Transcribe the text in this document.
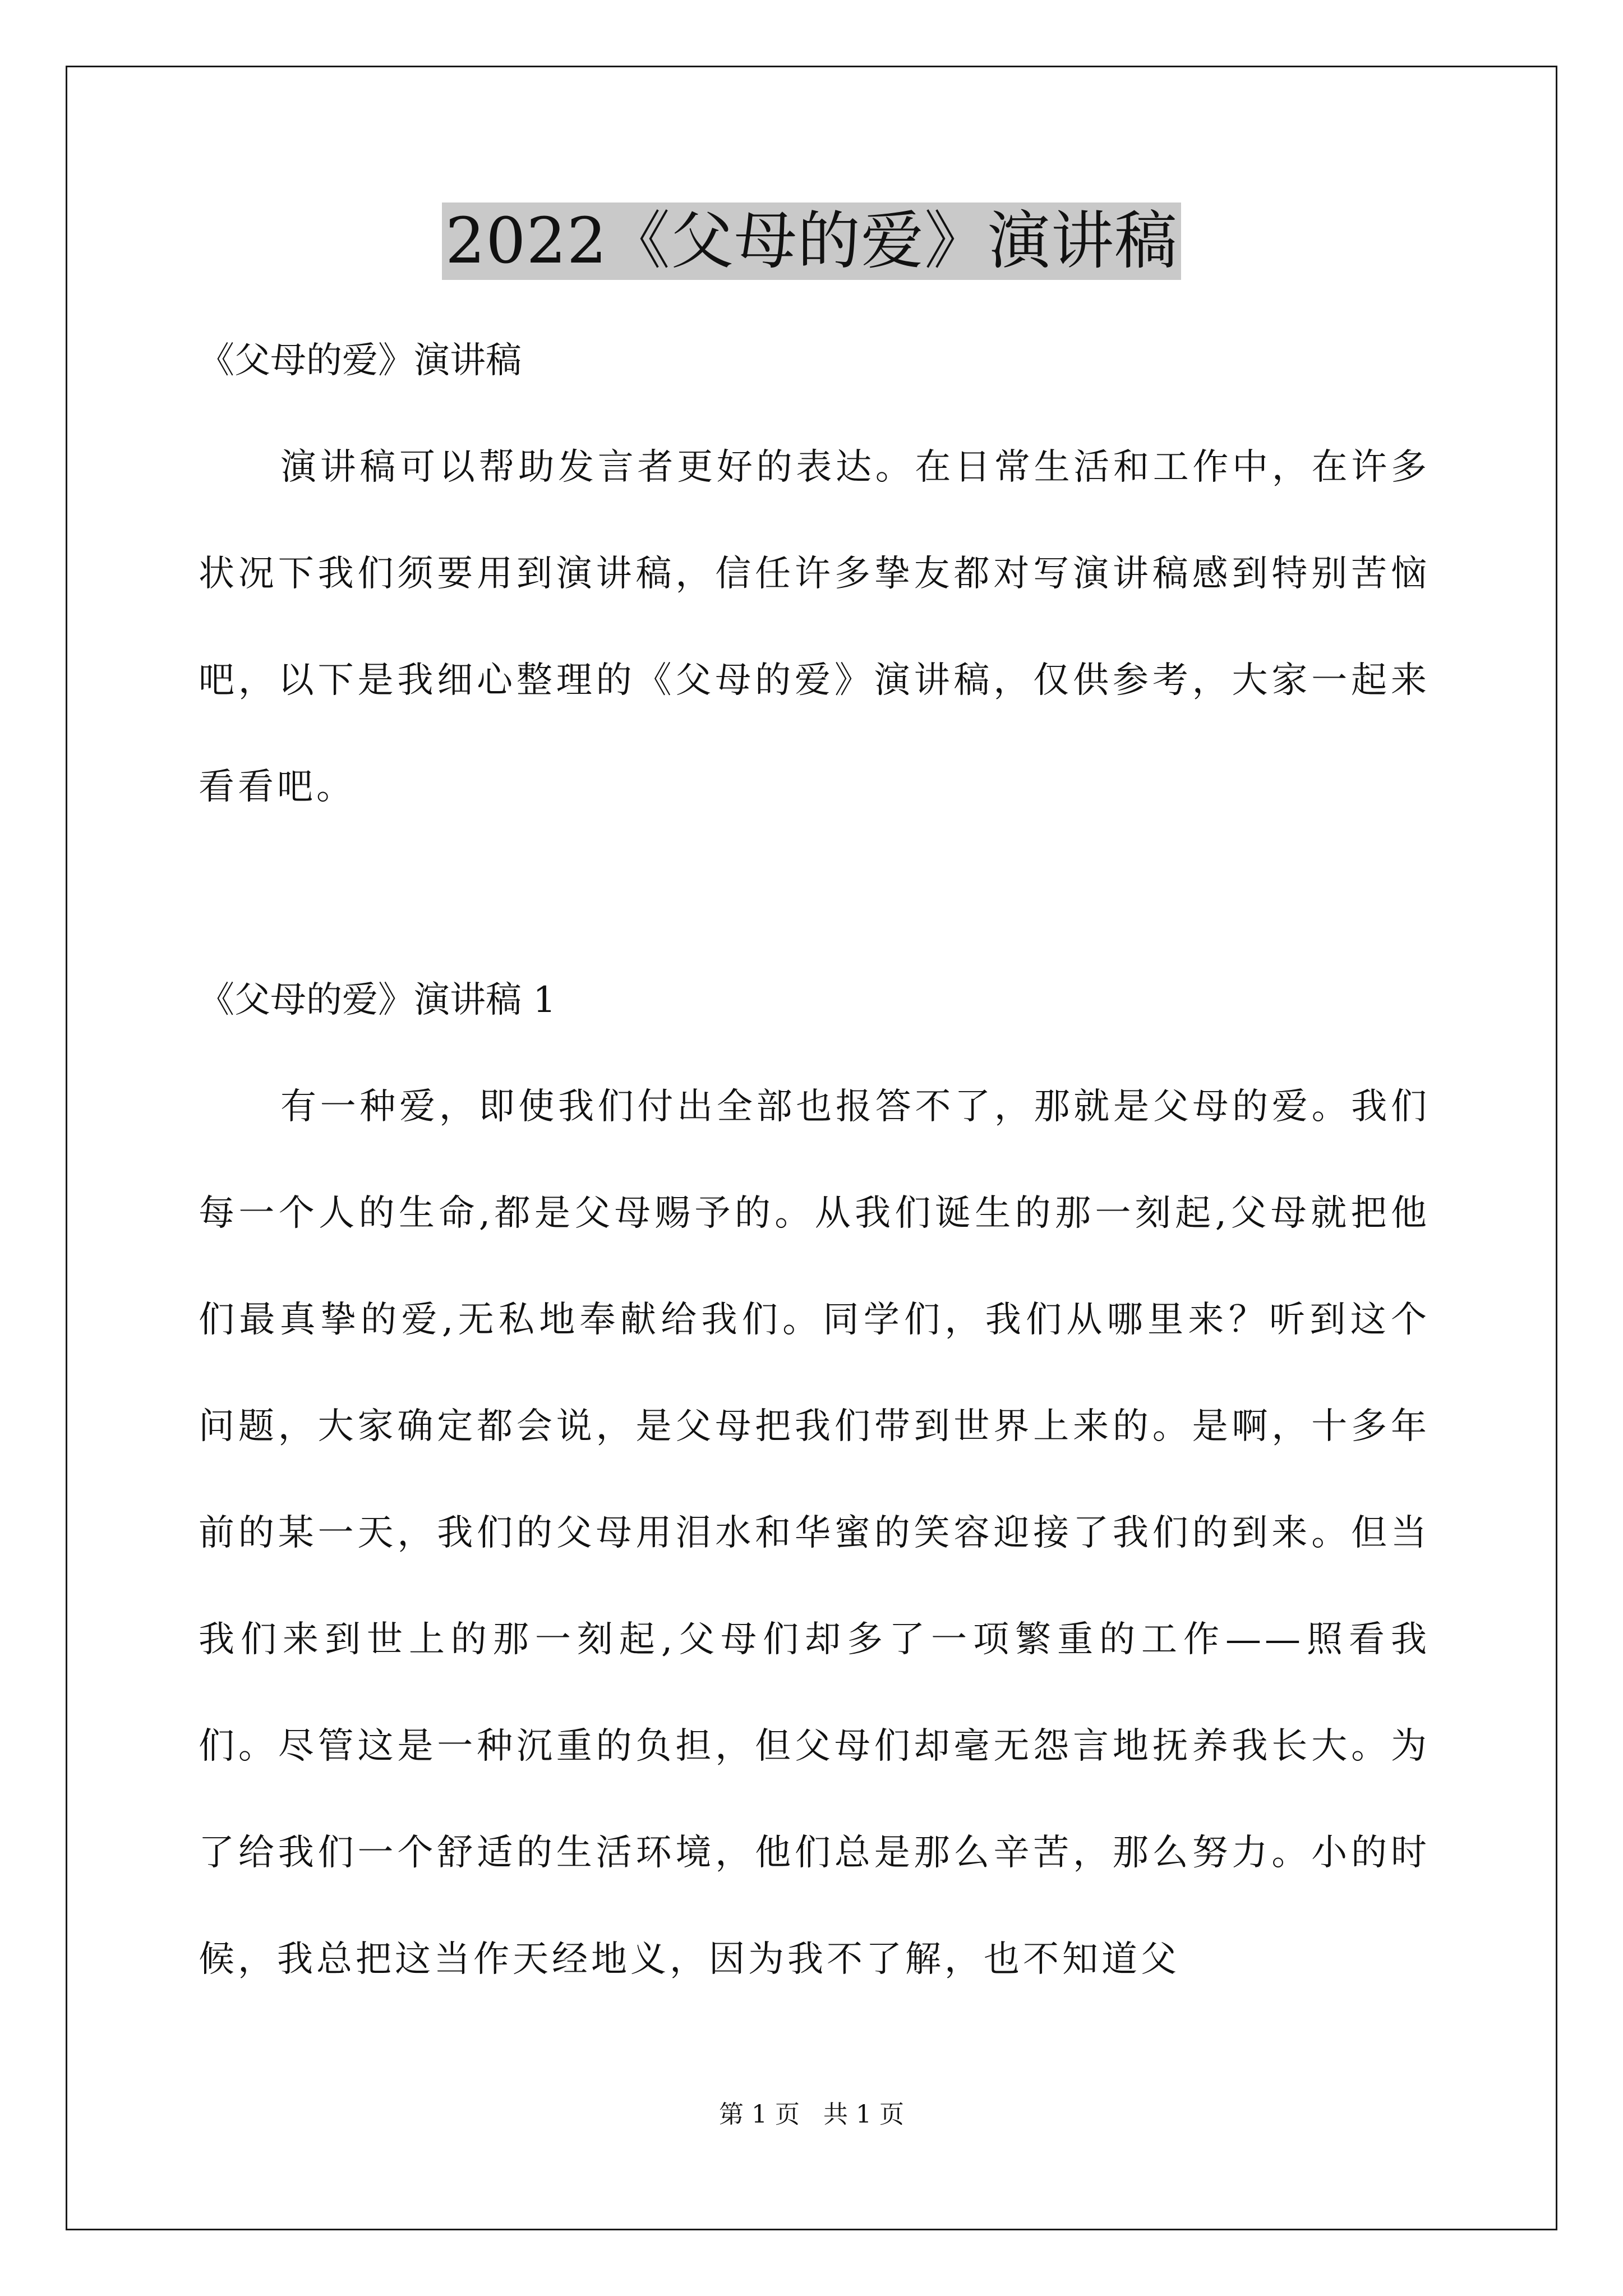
2022《父母的爱》演讲稿

《父母的爱》演讲稿

演讲稿可以帮助发言者更好的表达。在日常生活和工作中，在许多状况下我们须要用到演讲稿，信任许多挚友都对写演讲稿感到特别苦恼吧，以下是我细心整理的《父母的爱》演讲稿，仅供参考，大家一起来看看吧。

《父母的爱》演讲稿 1

有一种爱，即使我们付出全部也报答不了，那就是父母的爱。我们每一个人的生命,都是父母赐予的。从我们诞生的那一刻起,父母就把他们最真挚的爱,无私地奉献给我们。同学们，我们从哪里来？听到这个问题，大家确定都会说，是父母把我们带到世界上来的。是啊，十多年前的某一天，我们的父母用泪水和华蜜的笑容迎接了我们的到来。但当我们来到世上的那一刻起,父母们却多了一项繁重的工作——照看我们。尽管这是一种沉重的负担，但父母们却毫无怨言地抚养我长大。为了给我们一个舒适的生活环境，他们总是那么辛苦，那么努力。小的时候，我总把这当作天经地义，因为我不了解，也不知道父

第 1 页   共 1 页
